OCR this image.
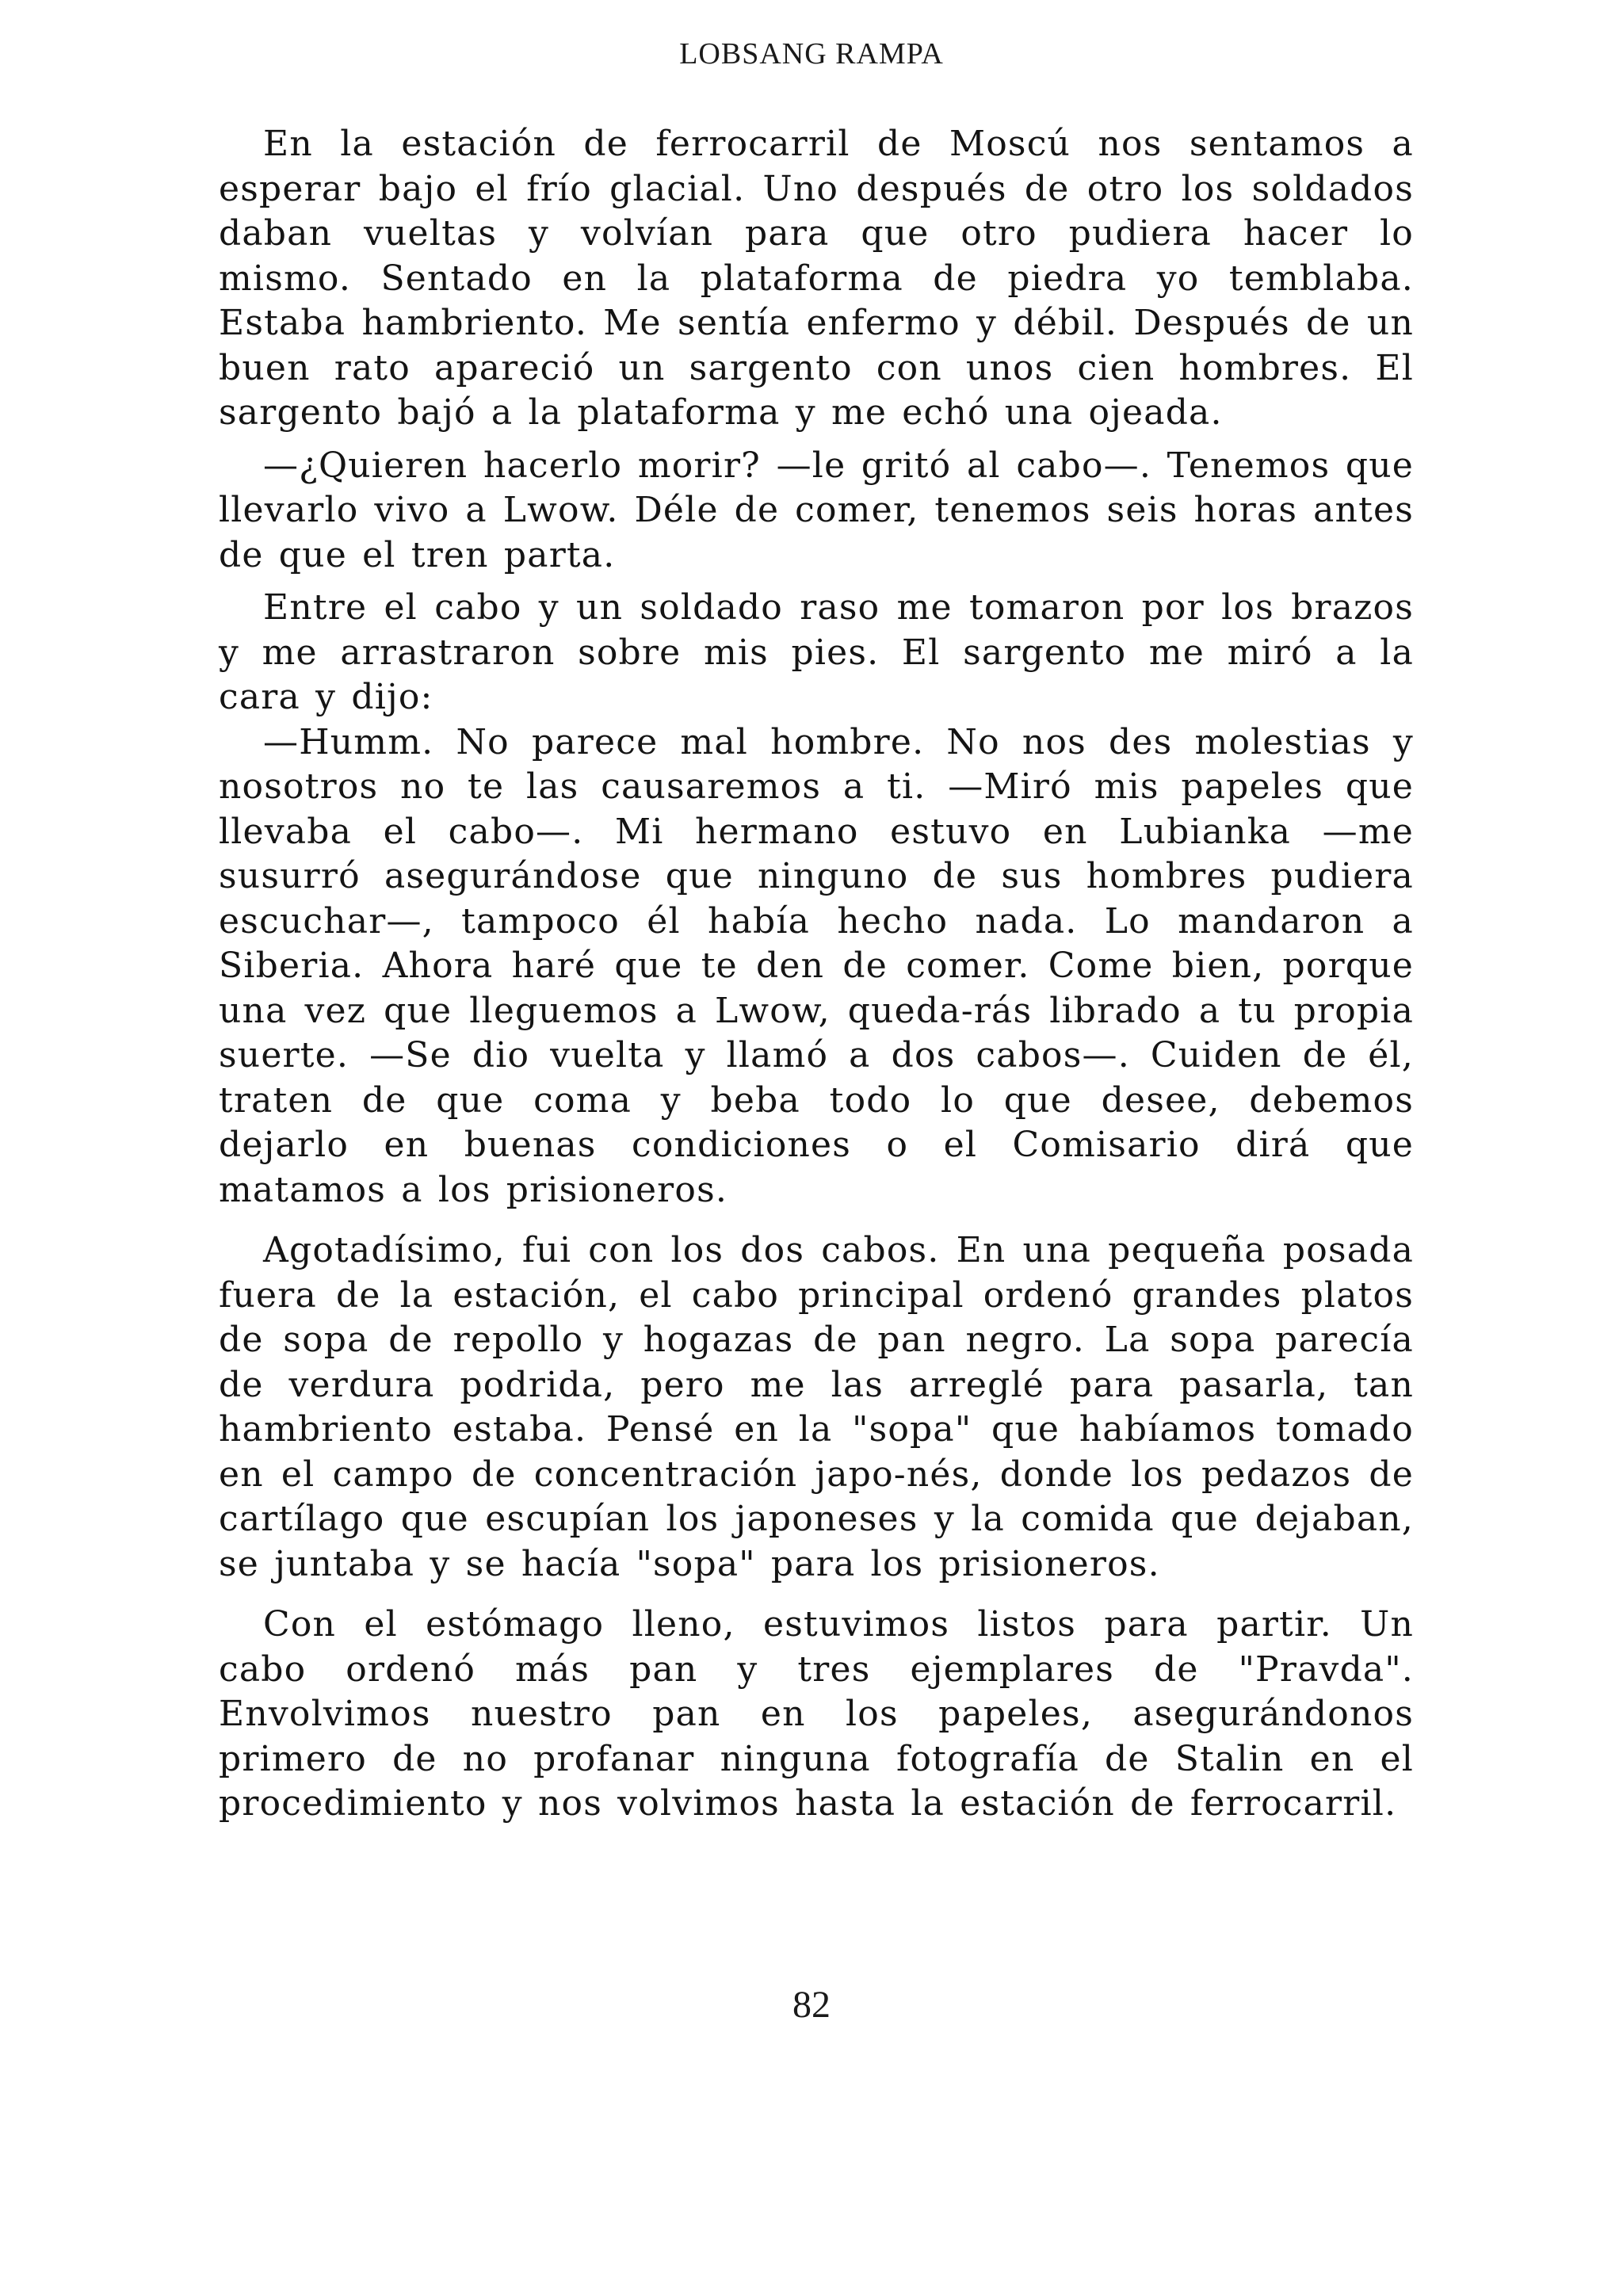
LOBSANG RAMPA

En la estación de ferrocarril de Moscú nos sentamos a esperar bajo el frío glacial. Uno después de otro los soldados daban vueltas y volvían para que otro pudiera hacer lo mismo. Sentado en la plataforma de piedra yo temblaba. Estaba hambriento. Me sentía enfermo y débil. Después de un buen rato apareció un sargento con unos cien hombres. El sargento bajó a la plataforma y me echó una ojeada.

—¿Quieren hacerlo morir? —le gritó al cabo—. Tenemos que llevarlo vivo a Lwow. Déle de comer, tenemos seis horas antes de que el tren parta.

Entre el cabo y un soldado raso me tomaron por los brazos y me arrastraron sobre mis pies. El sargento me miró a la cara y dijo:

—Humm. No parece mal hombre. No nos des molestias y nosotros no te las causaremos a ti. —Miró mis papeles que llevaba el cabo—. Mi hermano estuvo en Lubianka —me susurró asegurándose que ninguno de sus hombres pudiera escuchar—, tampoco él había hecho nada. Lo mandaron a Siberia. Ahora haré que te den de comer. Come bien, porque una vez que lleguemos a Lwow, queda-rás librado a tu propia suerte. —Se dio vuelta y llamó a dos cabos—. Cuiden de él, traten de que coma y beba todo lo que desee, debemos dejarlo en buenas condiciones o el Comisario dirá que matamos a los prisioneros.

Agotadísimo, fui con los dos cabos. En una pequeña posada fuera de la estación, el cabo principal ordenó grandes platos de sopa de repollo y hogazas de pan negro. La sopa parecía de verdura podrida, pero me las arreglé para pasarla, tan hambriento estaba. Pensé en la "sopa" que habíamos tomado en el campo de concentración japo-nés, donde los pedazos de cartílago que escupían los japoneses y la comida que dejaban, se juntaba y se hacía "sopa" para los prisioneros.

Con el estómago lleno, estuvimos listos para partir. Un cabo ordenó más pan y tres ejemplares de "Pravda". Envolvimos nuestro pan en los papeles, asegurándonos primero de no profanar ninguna fotografía de Stalin en el procedimiento y nos volvimos hasta la estación de ferrocarril.

82
